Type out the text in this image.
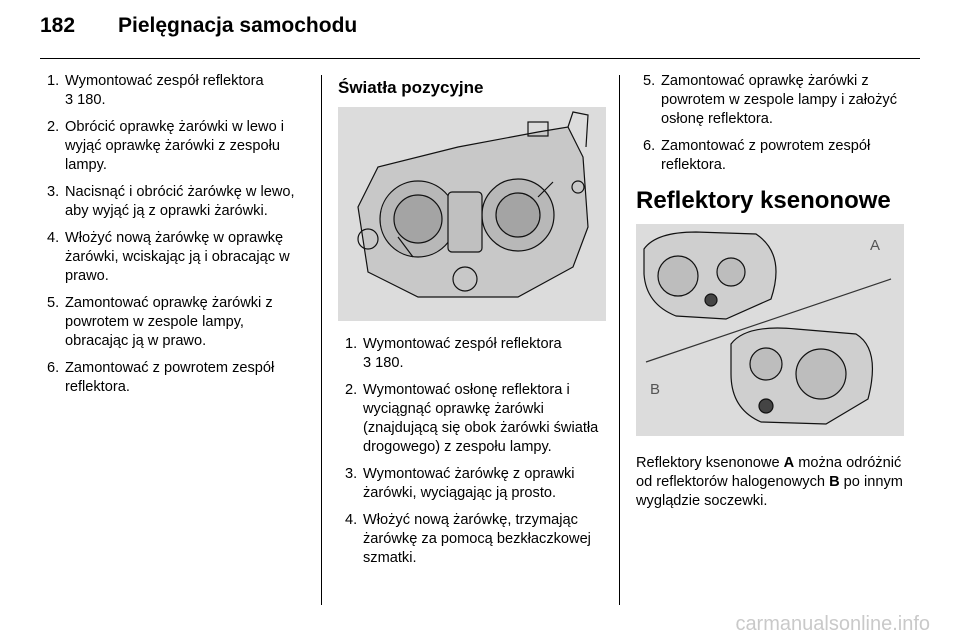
182 Pielęgnacja samochodu
1. Wymontować zespół reflektora
3 180.
2. Obrócić oprawkę żarówki w lewo i wyjąć oprawkę żarówki z zespołu lampy.
3. Nacisnąć i obrócić żarówkę w lewo, aby wyjąć ją z oprawki żarówki.
4. Włożyć nową żarówkę w oprawkę żarówki, wciskając ją i obracając w prawo.
5. Zamontować oprawkę żarówki z powrotem w zespole lampy, obracając ją w prawo.
6. Zamontować z powrotem zespół reflektora.
Światła pozycyjne
1. Wymontować zespół reflektora
3 180.
2. Wymontować osłonę reflektora i wyciągnąć oprawkę żarówki (znajdującą się obok żarówki światła drogowego) z zespołu lampy.
3. Wymontować żarówkę z oprawki żarówki, wyciągając ją prosto.
4. Włożyć nową żarówkę, trzymając żarówkę za pomocą bezkłaczkowej szmatki.
5. Zamontować oprawkę żarówki z powrotem w zespole lampy i założyć osłonę reflektora.
6. Zamontować z powrotem zespół reflektora.
Reflektory ksenonowe
A
B
Reflektory ksenonowe A można odróżnić od reflektorów halogenowych B po innym wyglądzie soczewki.
carmanualsonline.info
